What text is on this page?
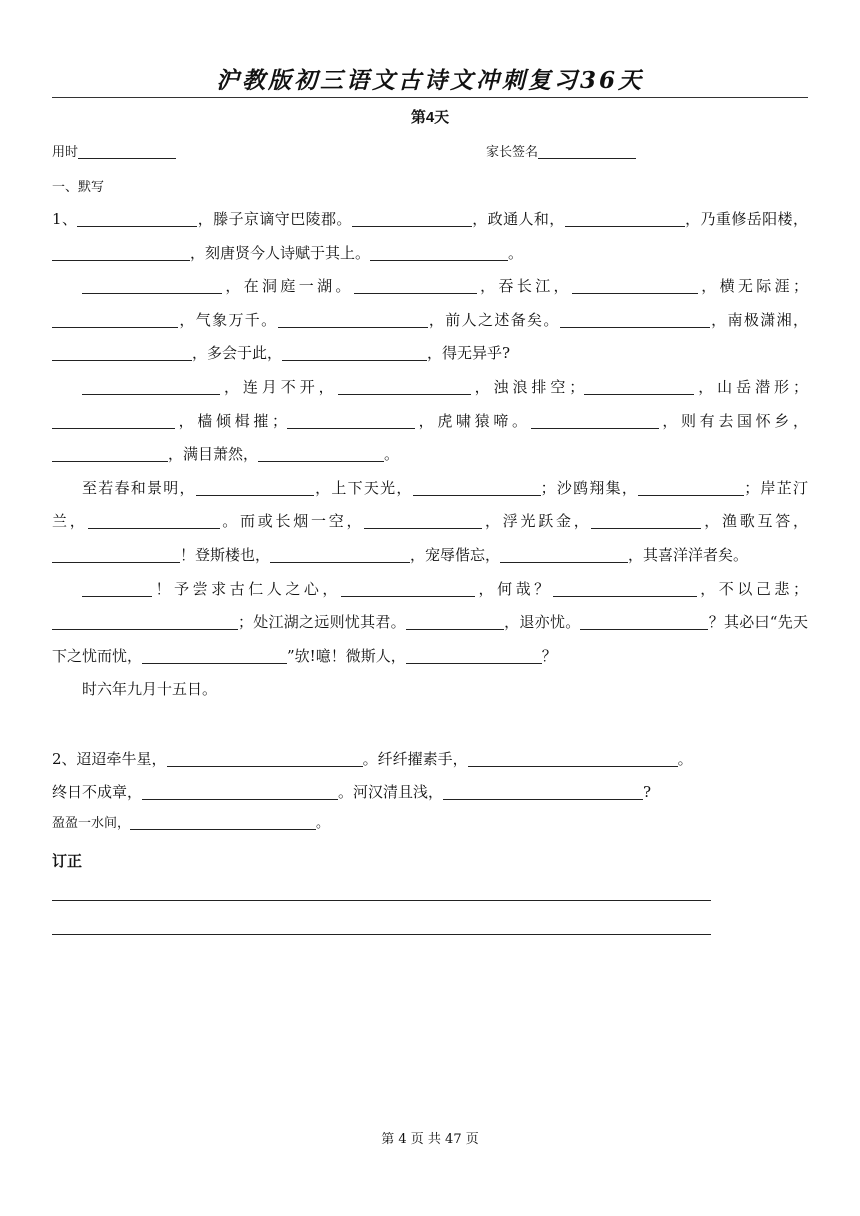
沪教版初三语文古诗文冲刺复习36天
第4天
用时	家长签名
一、默写

1、	，滕子京谪守巴陵郡。	，政通人和，	，乃重修岳阳楼，，刻唐贤今人诗赋于其上。	。

，在洞庭一湖。	，吞长江，	，横无际涯；，气象万千。	，前人之述备矣。	，南极潇湘，，多会于此，	，得无异乎?

，连月不开，	，浊浪排空；	，山岳潜形；，樯倾楫摧；	，虎啸猿啼。	，则有去国怀乡，，满目萧然，	。

至若春和景明，	，上下天光，	；沙鸥翔集，	；岸芷汀兰，	。而或长烟一空，	，浮光跃金，	，渔歌互答，！登斯楼也，	，宠辱偕忘，	，其喜洋洋者矣。

！予尝求古仁人之心，	，何哉？	，不以己悲；；处江湖之远则忧其君。	，退亦忧。	？其必曰“先天下之忧而忧，	”欤!噫！微斯人，	？

时六年九月十五日。

2、迢迢牵牛星，	。纤纤擢素手，	。

终日不成章，	。河汉清且浅，	?

盈盈一水间，	。

订正
第 4 页 共 47 页
